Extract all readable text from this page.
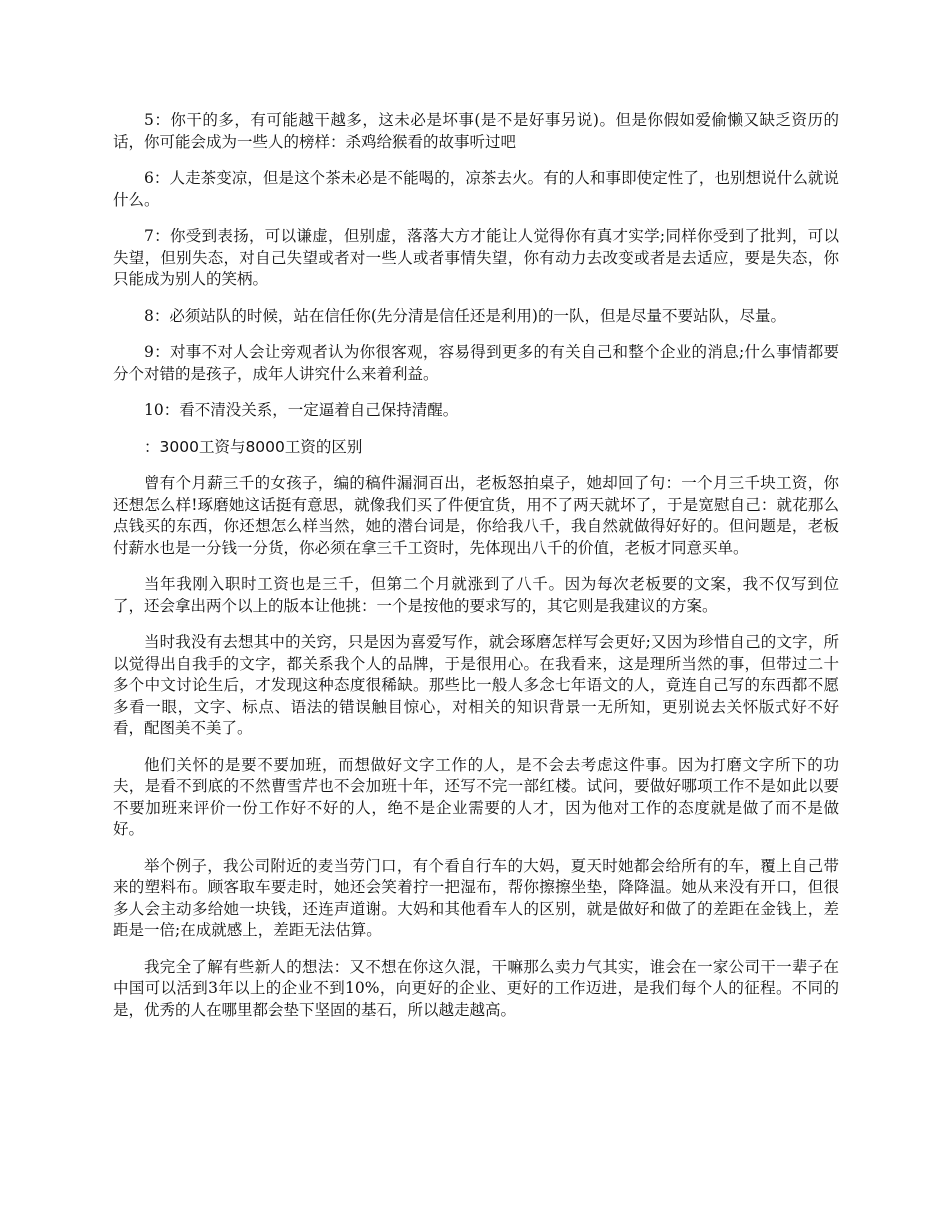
5：你干的多，有可能越干越多，这未必是坏事(是不是好事另说)。但是你假如爱偷懒又缺乏资历的话，你可能会成为一些人的榜样：杀鸡给猴看的故事听过吧

6：人走茶变凉，但是这个茶未必是不能喝的，凉茶去火。有的人和事即使定性了，也别想说什么就说什么。

7：你受到表扬，可以谦虚，但别虚，落落大方才能让人觉得你有真才实学;同样你受到了批判，可以失望，但别失态，对自己失望或者对一些人或者事情失望，你有动力去改变或者是去适应，要是失态，你只能成为别人的笑柄。

8：必须站队的时候，站在信任你(先分清是信任还是利用)的一队，但是尽量不要站队，尽量。

9：对事不对人会让旁观者认为你很客观，容易得到更多的有关自己和整个企业的消息;什么事情都要分个对错的是孩子，成年人讲究什么来着利益。

10：看不清没关系，一定逼着自己保持清醒。

：3000工资与8000工资的区别

曾有个月薪三千的女孩子，编的稿件漏洞百出，老板怒拍桌子，她却回了句：一个月三千块工资，你还想怎么样!琢磨她这话挺有意思，就像我们买了件便宜货，用不了两天就坏了，于是宽慰自己：就花那么点钱买的东西，你还想怎么样当然，她的潜台词是，你给我八千，我自然就做得好好的。但问题是，老板付薪水也是一分钱一分货，你必须在拿三千工资时，先体现出八千的价值，老板才同意买单。

当年我刚入职时工资也是三千，但第二个月就涨到了八千。因为每次老板要的文案，我不仅写到位了，还会拿出两个以上的版本让他挑：一个是按他的要求写的，其它则是我建议的方案。

当时我没有去想其中的关窍，只是因为喜爱写作，就会琢磨怎样写会更好;又因为珍惜自己的文字，所以觉得出自我手的文字，都关系我个人的品牌，于是很用心。在我看来，这是理所当然的事，但带过二十多个中文讨论生后，才发现这种态度很稀缺。那些比一般人多念七年语文的人，竟连自己写的东西都不愿多看一眼，文字、标点、语法的错误触目惊心，对相关的知识背景一无所知，更别说去关怀版式好不好看，配图美不美了。

他们关怀的是要不要加班，而想做好文字工作的人，是不会去考虑这件事。因为打磨文字所下的功夫，是看不到底的不然曹雪芹也不会加班十年，还写不完一部红楼。试问，要做好哪项工作不是如此以要不要加班来评价一份工作好不好的人，绝不是企业需要的人才，因为他对工作的态度就是做了而不是做好。

举个例子，我公司附近的麦当劳门口，有个看自行车的大妈，夏天时她都会给所有的车，覆上自己带来的塑料布。顾客取车要走时，她还会笑着拧一把湿布，帮你擦擦坐垫，降降温。她从来没有开口，但很多人会主动多给她一块钱，还连声道谢。大妈和其他看车人的区别，就是做好和做了的差距在金钱上，差距是一倍;在成就感上，差距无法估算。

我完全了解有些新人的想法：又不想在你这久混，干嘛那么卖力气其实，谁会在一家公司干一辈子在中国可以活到3年以上的企业不到10%，向更好的企业、更好的工作迈进，是我们每个人的征程。不同的是，优秀的人在哪里都会垫下坚固的基石，所以越走越高。
